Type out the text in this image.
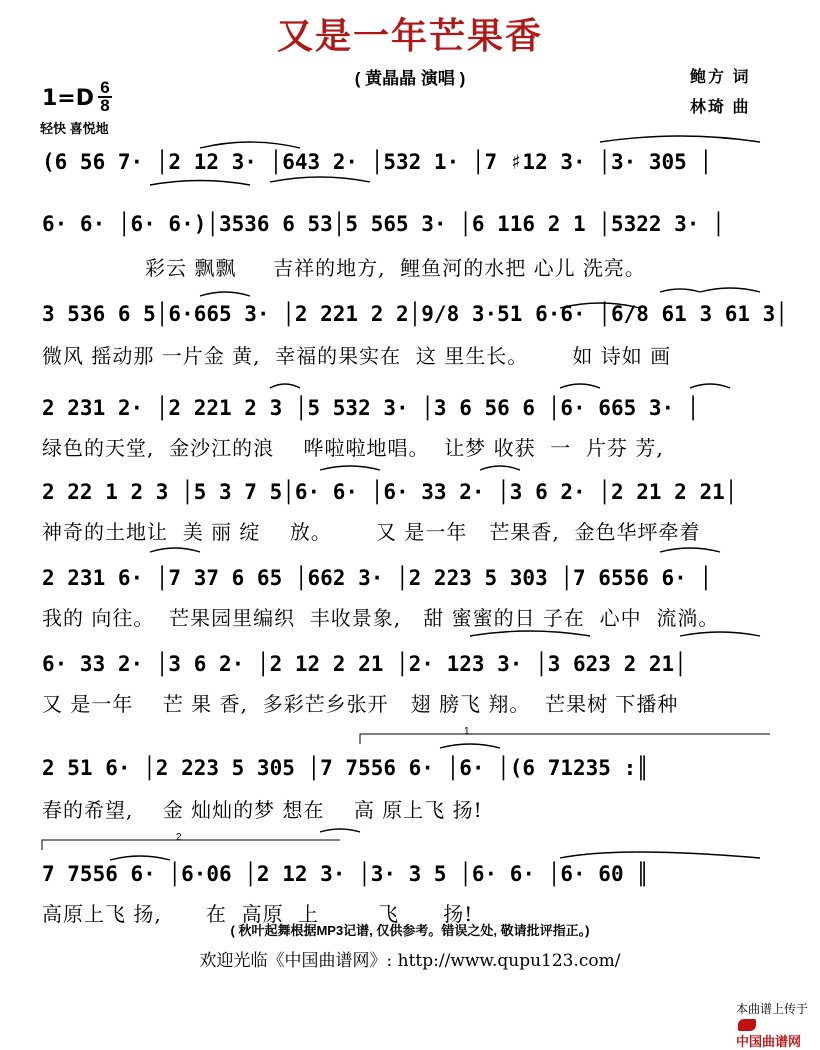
又是一年芒果香
( 黄晶晶 演唱 )	鲍方 词
林琦 曲
1=D 6
8
轻快 喜悦地
1
2
(6 56 7· │2 12 3· │643 2· │532 1· │7 ♯12 3· │3· 305 │
6· 6· │6· 6·)│3536 6 53│5 565 3· │6 116 2 1 │5322 3· │
彩云 飘飘     吉祥的地方,  鲤鱼河的水把 心儿 洗亮。
3 536 6 5│6·665 3· │2 221 2 2│9/8 3·51 6·6· │6/8 61 3 61 3│
微风 摇动那 一片金 黄,  幸福的果实在  这 里生长。      如 诗如 画
2 231 2· │2 221 2 3 │5 532 3· │3 6 56 6 │6· 665 3· │
绿色的天堂,  金沙江的浪    哗啦啦地唱。  让梦 收获  一  片芬 芳,
2 22 1 2 3 │5 3 7 5│6· 6· │6· 33 2· │3 6 2· │2 21 2 21│
神奇的土地让  美 丽 绽    放。      又 是一年   芒果香,  金色华坪牵着
2 231 6· │7 37 6 65 │662 3· │2 223 5 303 │7 6556 6· │
我的 向往。  芒果园里编织  丰收景象,   甜 蜜蜜的日 子在  心中  流淌。
6· 33 2· │3 6 2· │2 12 2 21 │2· 123 3· │3 623 2 21│
又 是一年    芒 果 香,  多彩芒乡张开   翅 膀飞 翔。  芒果树 下播种
2 51 6· │2 223 5 305 │7 7556 6· │6· │(6 71235 :║
春的希望,    金 灿灿的梦 想在    高 原上飞 扬!
7 7556 6· │6·06 │2 12 3· │3· 3 5 │6· 6· │6· 60 ║
高原上飞 扬,      在  高原  上        飞      扬!
( 秋叶起舞根据MP3记谱, 仅供参考。错误之处, 敬请批评指正。)
欢迎光临《中国曲谱网》: http://www.qupu123.com/

本曲谱上传于

中国曲谱网
